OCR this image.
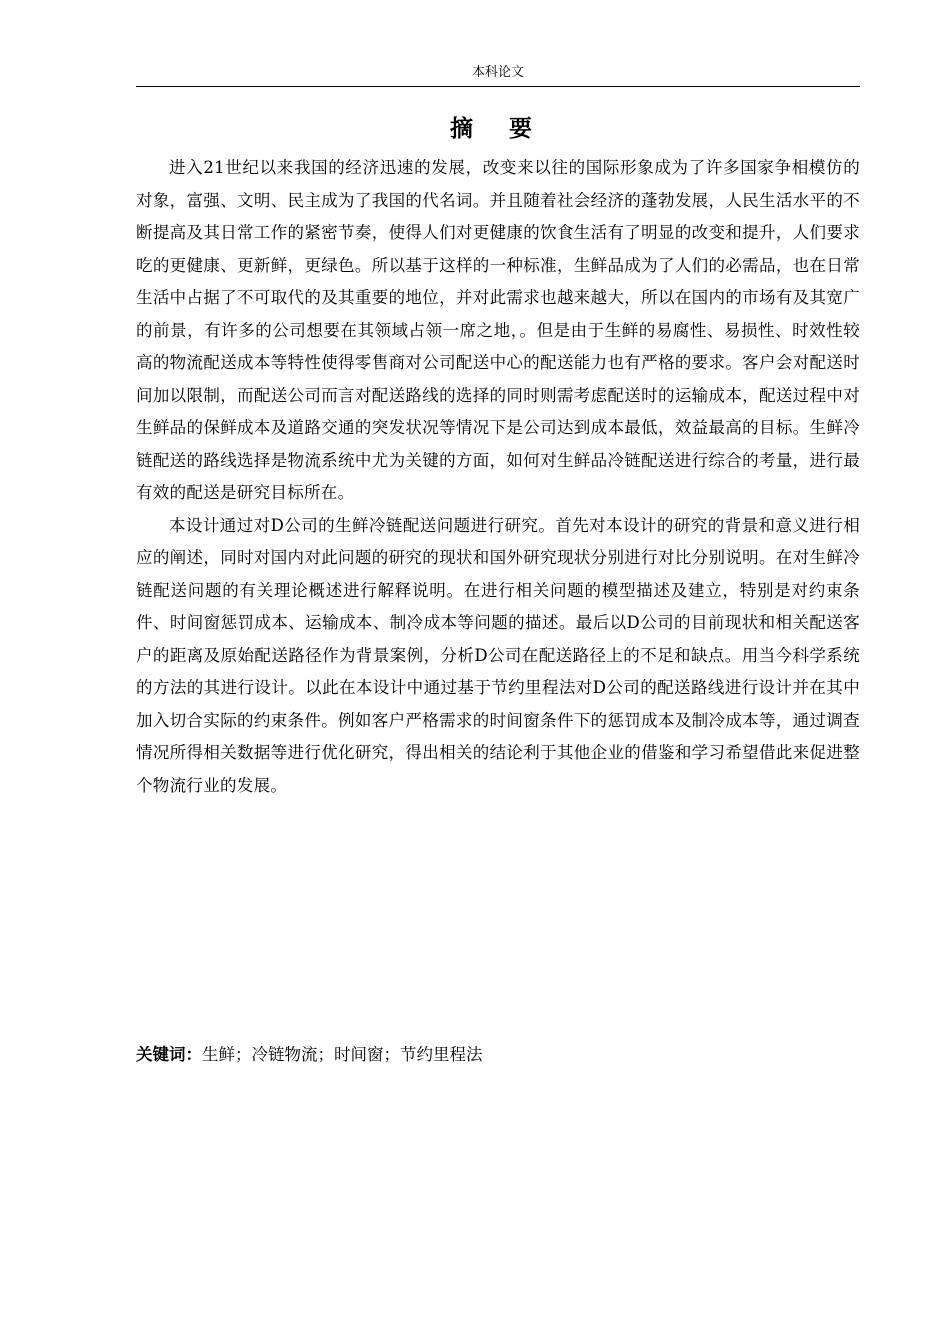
本科论文
摘 要

进入21世纪以来我国的经济迅速的发展，改变来以往的国际形象成为了许多国家争相模仿的对象，富强、文明、民主成为了我国的代名词。并且随着社会经济的蓬勃发展，人民生活水平的不断提高及其日常工作的紧密节奏，使得人们对更健康的饮食生活有了明显的改变和提升，人们要求吃的更健康、更新鲜，更绿色。所以基于这样的一种标准，生鲜品成为了人们的必需品，也在日常生活中占据了不可取代的及其重要的地位，并对此需求也越来越大，所以在国内的市场有及其宽广的前景，有许多的公司想要在其领域占领一席之地，。但是由于生鲜的易腐性、易损性、时效性较高的物流配送成本等特性使得零售商对公司配送中心的配送能力也有严格的要求。客户会对配送时间加以限制，而配送公司而言对配送路线的选择的同时则需考虑配送时的运输成本，配送过程中对生鲜品的保鲜成本及道路交通的突发状况等情况下是公司达到成本最低，效益最高的目标。生鲜冷链配送的路线选择是物流系统中尤为关键的方面，如何对生鲜品冷链配送进行综合的考量，进行最有效的配送是研究目标所在。

本设计通过对D公司的生鲜冷链配送问题进行研究。首先对本设计的研究的背景和意义进行相应的阐述，同时对国内对此问题的研究的现状和国外研究现状分别进行对比分别说明。在对生鲜冷链配送问题的有关理论概述进行解释说明。在进行相关问题的模型描述及建立，特别是对约束条件、时间窗惩罚成本、运输成本、制冷成本等问题的描述。最后以D公司的目前现状和相关配送客户的距离及原始配送路径作为背景案例，分析D公司在配送路径上的不足和缺点。用当今科学系统的方法的其进行设计。以此在本设计中通过基于节约里程法对D公司的配送路线进行设计并在其中加入切合实际的约束条件。例如客户严格需求的时间窗条件下的惩罚成本及制冷成本等，通过调查情况所得相关数据等进行优化研究，得出相关的结论利于其他企业的借鉴和学习希望借此来促进整个物流行业的发展。

关键词：生鲜；冷链物流；时间窗；节约里程法
